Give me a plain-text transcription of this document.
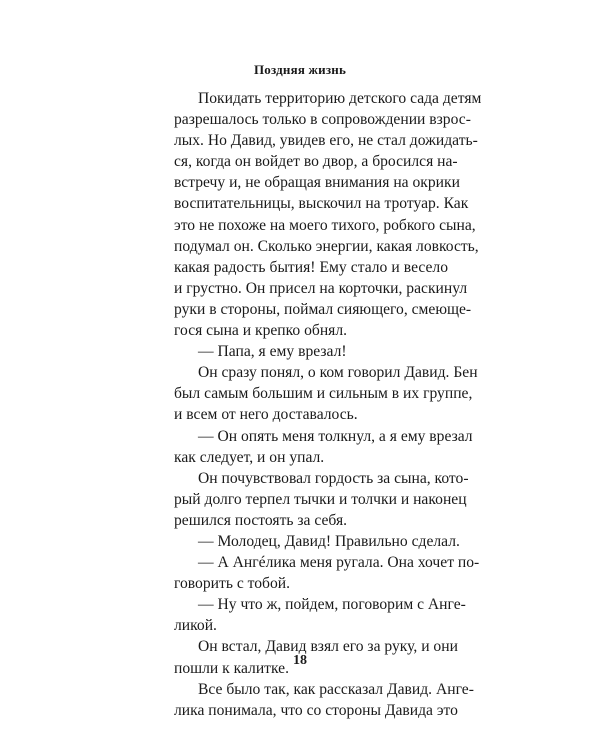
Поздняя жизнь
Покидать территорию детского сада детям
разрешалось только в сопровождении взрос-
лых. Но Давид, увидев его, не стал дожидать-
ся, когда он войдет во двор, а бросился на-
встречу и, не обращая внимания на окрики
воспитательницы, выскочил на тротуар. Как
это не похоже на моего тихого, робкого сына,
подумал он. Сколько энергии, какая ловкость,
какая радость бытия! Ему стало и весело
и грустно. Он присел на корточки, раскинул
руки в стороны, поймал сияющего, смеюще-
гося сына и крепко обнял.
— Папа, я ему врезал!
Он сразу понял, о ком говорил Давид. Бен
был самым большим и сильным в их группе,
и всем от него доставалось.
— Он опять меня толкнул, а я ему врезал
как следует, и он упал.
Он почувствовал гордость за сына, кото-
рый долго терпел тычки и толчки и наконец
решился постоять за себя.
— Молодец, Давид! Правильно сделал.
— А Ангéлика меня ругала. Она хочет по-
говорить с тобой.
— Ну что ж, пойдем, поговорим с Анге-
ликой.
Он встал, Давид взял его за руку, и они
пошли к калитке.
Все было так, как рассказал Давид. Анге-
лика понимала, что со стороны Давида это
18
